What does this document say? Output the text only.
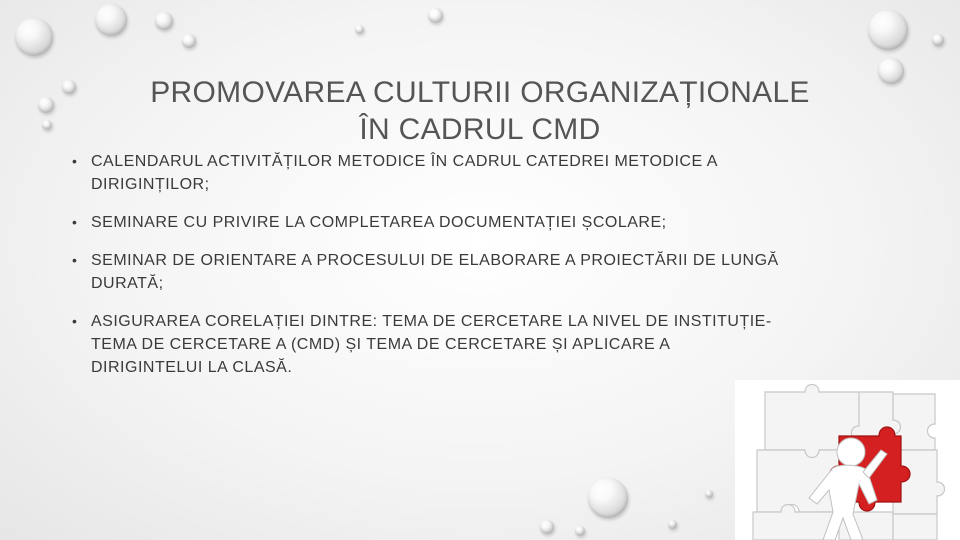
PROMOVAREA CULTURII ORGANIZAȚIONALE
ÎN CADRUL CMD
• CALENDARUL ACTIVITĂȚILOR METODICE ÎN CADRUL CATEDREI METODICE A
DIRIGINȚILOR;
• SEMINARE CU PRIVIRE LA COMPLETAREA DOCUMENTAȚIEI ȘCOLARE;
• SEMINAR DE ORIENTARE A PROCESULUI DE ELABORARE A PROIECTĂRII DE LUNGĂ
DURATĂ;
• ASIGURAREA CORELAȚIEI DINTRE: TEMA DE CERCETARE LA NIVEL DE INSTITUȚIE-
TEMA DE CERCETARE A (CMD) ȘI TEMA DE CERCETARE ȘI APLICARE A
DIRIGINTELUI LA CLASĂ.
